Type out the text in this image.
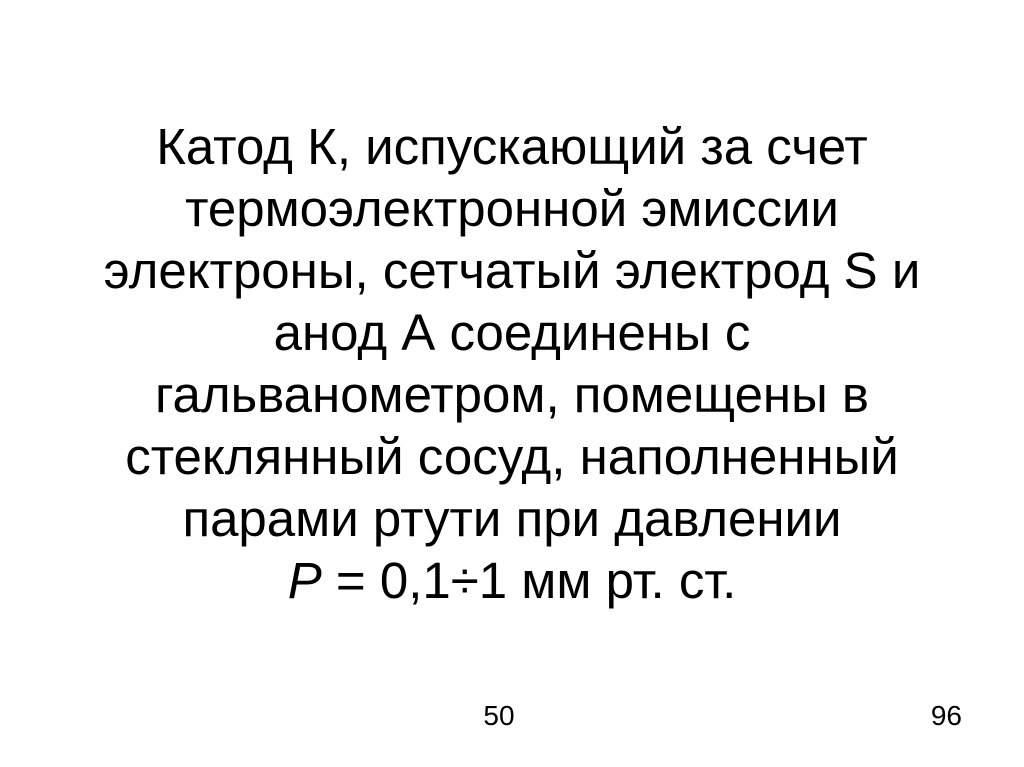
Катод К, испускающий за счет
термоэлектронной эмиссии
электроны, сетчатый электрод S и
анод А соединены с
гальванометром, помещены в
стеклянный сосуд, наполненный
парами ртути при давлении
P = 0,1÷1 мм рт. ст.
50	96
